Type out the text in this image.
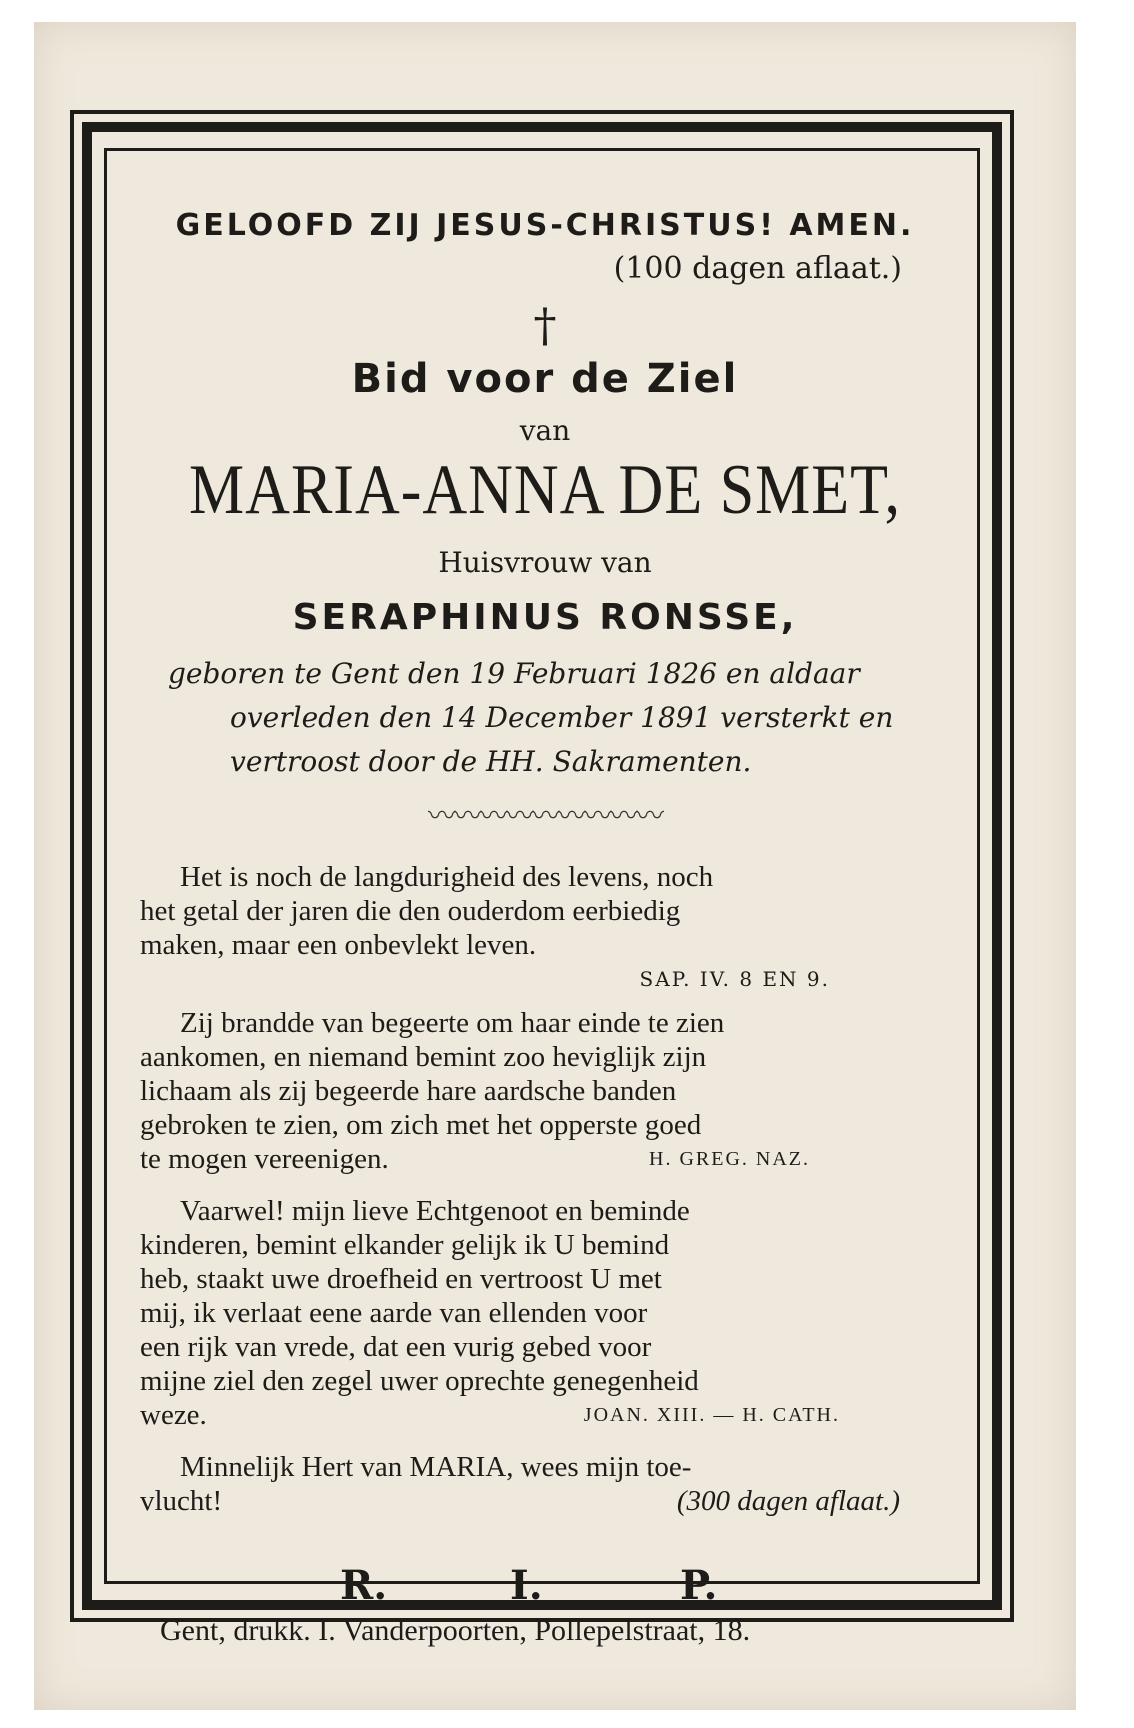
GELOOFD ZIJ JESUS-CHRISTUS! AMEN.
(100 dagen aflaat.)
†
Bid voor de Ziel
van
MARIA-ANNA DE SMET,
Huisvrouw van
SERAPHINUS RONSSE,
geboren te Gent den 19 Februari 1826 en aldaar
overleden den 14 December 1891 versterkt en
vertroost door de HH. Sakramenten.
〰〰〰〰〰〰〰〰〰
Het is noch de langdurigheid des levens, noch
het getal der jaren die den ouderdom eerbiedig
maken, maar een onbevlekt leven.
SAP. IV. 8 EN 9.
Zij brandde van begeerte om haar einde te zien
aankomen, en niemand bemint zoo heviglijk zijn
lichaam als zij begeerde hare aardsche banden
gebroken te zien, om zich met het opperste goed
te mogen vereenigen.	H. GREG. NAZ.
Vaarwel! mijn lieve Echtgenoot en beminde
kinderen, bemint elkander gelijk ik U bemind
heb, staakt uwe droefheid en vertroost U met
mij, ik verlaat eene aarde van ellenden voor
een rijk van vrede, dat een vurig gebed voor
mijne ziel den zegel uwer oprechte genegenheid
weze.	JOAN. XIII. — H. CATH.
Minnelijk Hert van MARIA, wees mijn toe-
vlucht!	(300 dagen aflaat.)
R.	I.	P.
Gent, drukk. I. Vanderpoorten, Pollepelstraat, 18.
